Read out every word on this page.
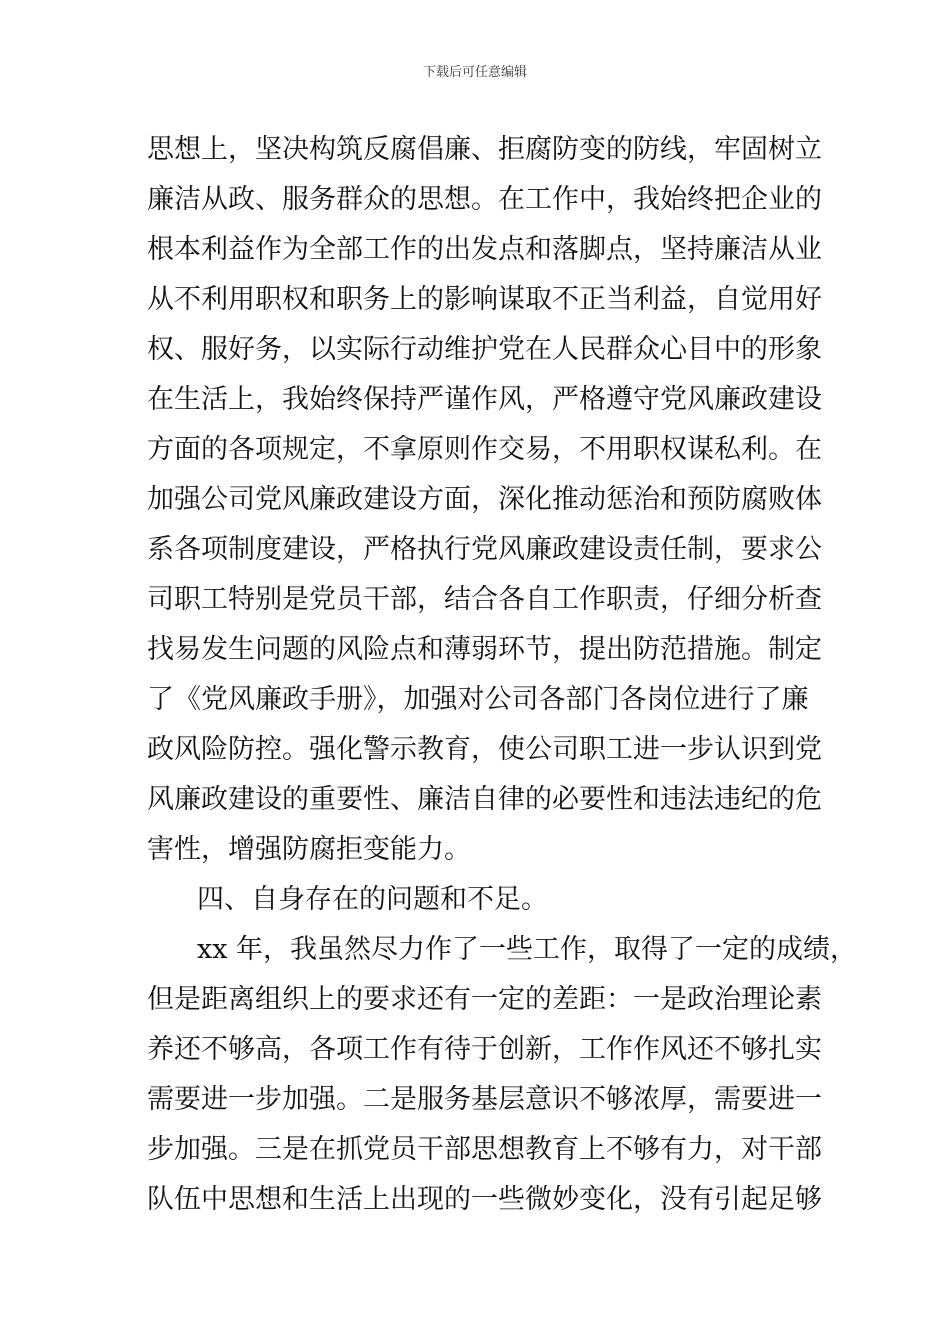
下载后可任意编辑
思想上，坚决构筑反腐倡廉、拒腐防变的防线，牢固树立
廉洁从政、服务群众的思想。在工作中，我始终把企业的
根本利益作为全部工作的出发点和落脚点，坚持廉洁从业
从不利用职权和职务上的影响谋取不正当利益，自觉用好
权、服好务，以实际行动维护党在人民群众心目中的形象
在生活上，我始终保持严谨作风，严格遵守党风廉政建设
方面的各项规定，不拿原则作交易，不用职权谋私利。在
加强公司党风廉政建设方面，深化推动惩治和预防腐败体
系各项制度建设，严格执行党风廉政建设责任制，要求公
司职工特别是党员干部，结合各自工作职责，仔细分析查
找易发生问题的风险点和薄弱环节，提出防范措施。制定
了《党风廉政手册》，加强对公司各部门各岗位进行了廉
政风险防控。强化警示教育，使公司职工进一步认识到党
风廉政建设的重要性、廉洁自律的必要性和违法违纪的危
害性，增强防腐拒变能力。
四、自身存在的问题和不足。
xx 年，我虽然尽力作了一些工作，取得了一定的成绩，
但是距离组织上的要求还有一定的差距：一是政治理论素
养还不够高，各项工作有待于创新，工作作风还不够扎实
需要进一步加强。二是服务基层意识不够浓厚，需要进一
步加强。三是在抓党员干部思想教育上不够有力，对干部
队伍中思想和生活上出现的一些微妙变化，没有引起足够
